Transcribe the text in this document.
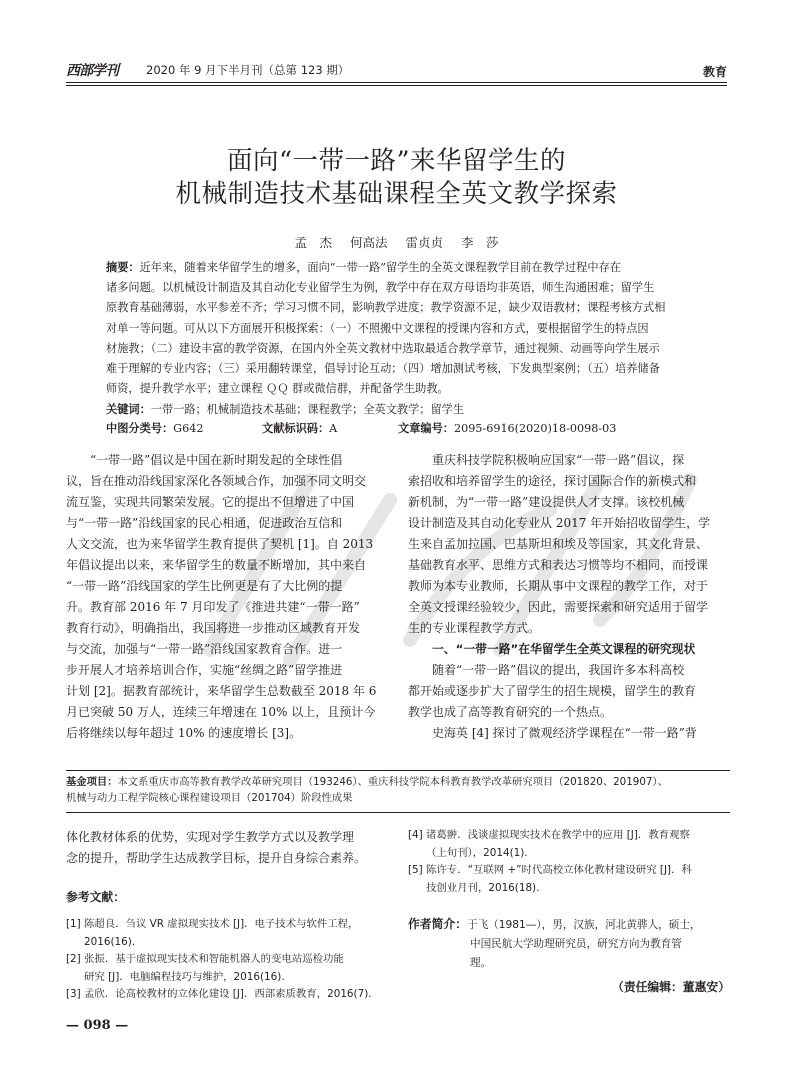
西部学刊 2020 年 9 月下半月刊（总第 123 期）	教育
面向“一带一路”来华留学生的
机械制造技术基础课程全英文教学探索
孟　杰 何高法 雷贞贞 李　莎
摘要：近年来，随着来华留学生的增多，面向“一带一路”留学生的全英文课程教学目前在教学过程中存在
诸多问题。以机械设计制造及其自动化专业留学生为例，教学中存在双方母语均非英语，师生沟通困难；留学生
原教育基础薄弱，水平参差不齐；学习习惯不同，影响教学进度；教学资源不足，缺少双语教材；课程考核方式相
对单一等问题。可从以下方面展开积极探索：（一）不照搬中文课程的授课内容和方式，要根据留学生的特点因
材施教；（二）建设丰富的教学资源，在国内外全英文教材中选取最适合教学章节，通过视频、动画等向学生展示
难于理解的专业内容；（三）采用翻转课堂，倡导讨论互动；（四）增加测试考核，下发典型案例；（五）培养储备
师资，提升教学水平；建立课程 ＱＱ 群或微信群，并配备学生助教。
关键词：一带一路；机械制造技术基础；课程教学；全英文教学；留学生
中图分类号：G642	文献标识码：A	文章编号：2095-6916(2020)18-0098-03

“一带一路”倡议是中国在新时期发起的全球性倡

议，旨在推动沿线国家深化各领域合作，加强不同文明交

流互鉴，实现共同繁荣发展。它的提出不但增进了中国

与“一带一路”沿线国家的民心相通，促进政治互信和

人文交流，也为来华留学生教育提供了契机 [1]。自 2013

年倡议提出以来，来华留学生的数量不断增加，其中来自

“一带一路”沿线国家的学生比例更是有了大比例的提

升。教育部 2016 年 7 月印发了《推进共建“一带一路”

教育行动》，明确指出，我国将进一步推动区域教育开发

与交流，加强与“一带一路”沿线国家教育合作。进一

步开展人才培养培训合作，实施“丝绸之路”留学推进

计划 [2]。据教育部统计，来华留学生总数截至 2018 年 6

月已突破 50 万人，连续三年增速在 10% 以上，且预计今

后将继续以每年超过 10% 的速度增长 [3]。

重庆科技学院积极响应国家“一带一路”倡议，探

索招收和培养留学生的途径，探讨国际合作的新模式和

新机制，为“一带一路”建设提供人才支撑。该校机械

设计制造及其自动化专业从 2017 年开始招收留学生，学

生来自孟加拉国、巴基斯坦和埃及等国家，其文化背景、

基础教育水平、思维方式和表达习惯等均不相同，而授课

教师为本专业教师，长期从事中文课程的教学工作，对于

全英文授课经验较少，因此，需要探索和研究适用于留学

生的专业课程教学方式。

一、“一带一路”在华留学生全英文课程的研究现状

随着“一带一路”倡议的提出，我国许多本科高校

都开始或逐步扩大了留学生的招生规模，留学生的教育

教学也成了高等教育研究的一个热点。

史海英 [4] 探讨了微观经济学课程在“一带一路”背

基金项目：本文系重庆市高等教育教学改革研究项目（193246）、重庆科技学院本科教育教学改革研究项目（201820、201907）、

机械与动力工程学院核心课程建设项目（201704）阶段性成果

体化教材体系的优势，实现对学生教学方式以及教学理

念的提升，帮助学生达成教学目标，提升自身综合素养。

参考文献：
[1] 陈超良．刍议 VR 虚拟现实技术 [J]．电子技术与软件工程，
2016(16).
[2] 张振．基于虚拟现实技术和智能机器人的变电站巡检功能
研究 [J]．电脑编程技巧与维护，2016(16).
[3] 孟欣．论高校教材的立体化建设 [J]．西部素质教育，2016(7).
[4] 诸葛翀．浅谈虚拟现实技术在教学中的应用 [J]．教育观察
（上旬刊），2014(1).
[5] 陈许专．“互联网 +”时代高校立体化教材建设研究 [J]．科
技创业月刊，2016(18).
作者简介：于飞（1981—），男，汉族，河北黄骅人，硕士，
中国民航大学助理研究员，研究方向为教育管
理。
（责任编辑：董惠安）
— 098 —
